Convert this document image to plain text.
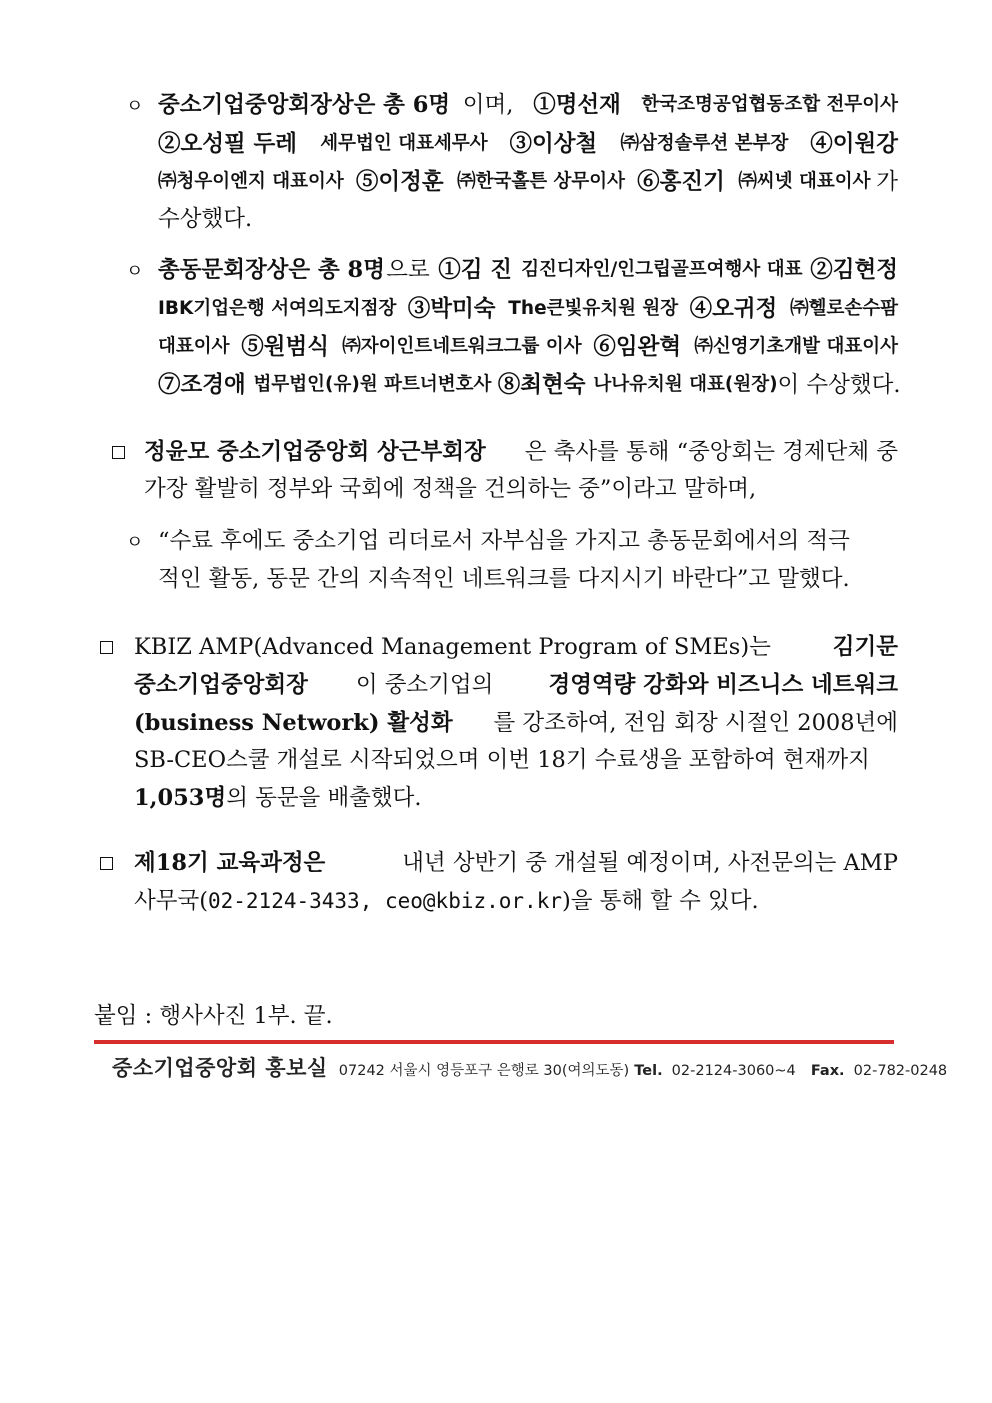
ㅇ 중소기업중앙회장상은 총 6명 이며, ①명선재 한국조명공업협동조합 전무이사
②오성필 두레 세무법인 대표세무사 ③이상철 ㈜삼정솔루션 본부장 ④이원강
㈜청우이엔지 대표이사 ⑤이정훈 ㈜한국홀튼 상무이사 ⑥홍진기 ㈜씨넷 대표이사 가
수상했다.
ㅇ 총동문회장상은 총 8명 으로 ①김 진 김진디자인/인그립골프여행사 대표 ②김현정
IBK기업은행 서여의도지점장 ③박미숙 The큰빛유치원 원장 ④오귀정 ㈜헬로손수팜
대표이사 ⑤원범식 ㈜자이인트네트워크그룹 이사 ⑥임완혁 ㈜신영기초개발 대표이사
⑦조경애 법무법인(유)원 파트너변호사 ⑧최현숙 나나유치원 대표(원장) 이 수상했다.
정윤모 중소기업중앙회 상근부회장 은 축사를 통해 “중앙회는 경제단체 중
가장 활발히 정부와 국회에 정책을 건의하는 중”이라고 말하며,
ㅇ “수료 후에도 중소기업 리더로서 자부심을 가지고 총동문회에서의 적극
적인 활동, 동문 간의 지속적인 네트워크를 다지시기 바란다”고 말했다.
KBIZ AMP(Advanced Management Program of SMEs)는 김기문
중소기업중앙회장 이 중소기업의 경영역량 강화와 비즈니스 네트워크
(business Network) 활성화 를 강조하여, 전임 회장 시절인 2008년에
SB-CEO스쿨 개설로 시작되었으며 이번 18기 수료생을 포함하여 현재까지
1,053명의 동문을 배출했다.
제18기 교육과정은	내년 상반기 중 개설될 예정이며, 사전문의는 AMP
사무국(02-2124-3433, ceo@kbiz.or.kr)을 통해 할 수 있다.
붙임 : 행사사진 1부. 끝.
중소기업중앙회 홍보실 07242 서울시 영등포구 은행로 30(여의도동) Tel. 02-2124-3060~4 Fax. 02-782-0248
